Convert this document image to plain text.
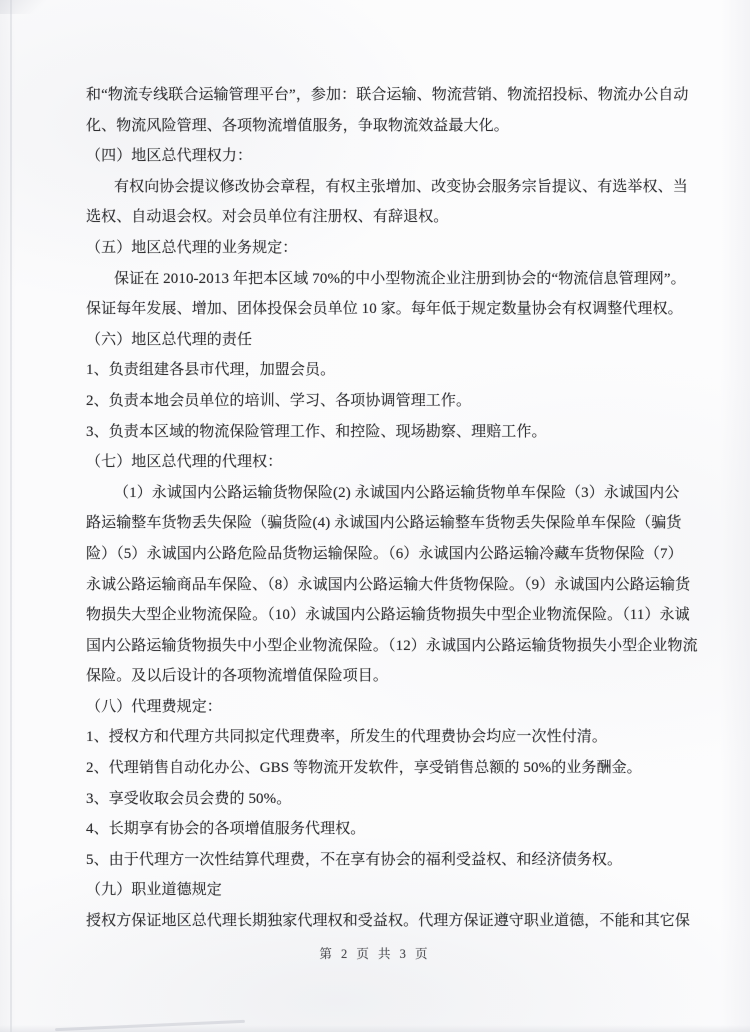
和“物流专线联合运输管理平台”，参加：联合运输、物流营销、物流招投标、物流办公自动
化、物流风险管理、各项物流增值服务，争取物流效益最大化。
（四）地区总代理权力：
有权向协会提议修改协会章程，有权主张增加、改变协会服务宗旨提议、有选举权、当
选权、自动退会权。对会员单位有注册权、有辞退权。
（五）地区总代理的业务规定：
保证在 2010-2013 年把本区域 70%的中小型物流企业注册到协会的“物流信息管理网”。
保证每年发展、增加、团体投保会员单位 10 家。每年低于规定数量协会有权调整代理权。
（六）地区总代理的责任
1、负责组建各县市代理，加盟会员。
2、负责本地会员单位的培训、学习、各项协调管理工作。
3、负责本区域的物流保险管理工作、和控险、现场勘察、理赔工作。
（七）地区总代理的代理权：
（1）永诚国内公路运输货物保险(2) 永诚国内公路运输货物单车保险（3）永诚国内公
路运输整车货物丢失保险（骗货险(4) 永诚国内公路运输整车货物丢失保险单车保险（骗货
险）（5）永诚国内公路危险品货物运输保险。（6）永诚国内公路运输冷藏车货物保险（7）
永诚公路运输商品车保险、（8）永诚国内公路运输大件货物保险。（9）永诚国内公路运输货
物损失大型企业物流保险。（10）永诚国内公路运输货物损失中型企业物流保险。（11）永诚
国内公路运输货物损失中小型企业物流保险。（12）永诚国内公路运输货物损失小型企业物流
保险。及以后设计的各项物流增值保险项目。
（八）代理费规定：
1、授权方和代理方共同拟定代理费率，所发生的代理费协会均应一次性付清。
2、代理销售自动化办公、GBS 等物流开发软件，享受销售总额的 50%的业务酬金。
3、享受收取会员会费的 50%。
4、长期享有协会的各项增值服务代理权。
5、由于代理方一次性结算代理费，不在享有协会的福利受益权、和经济债务权。
（九）职业道德规定
授权方保证地区总代理长期独家代理权和受益权。代理方保证遵守职业道德，不能和其它保
第 2 页 共 3 页
